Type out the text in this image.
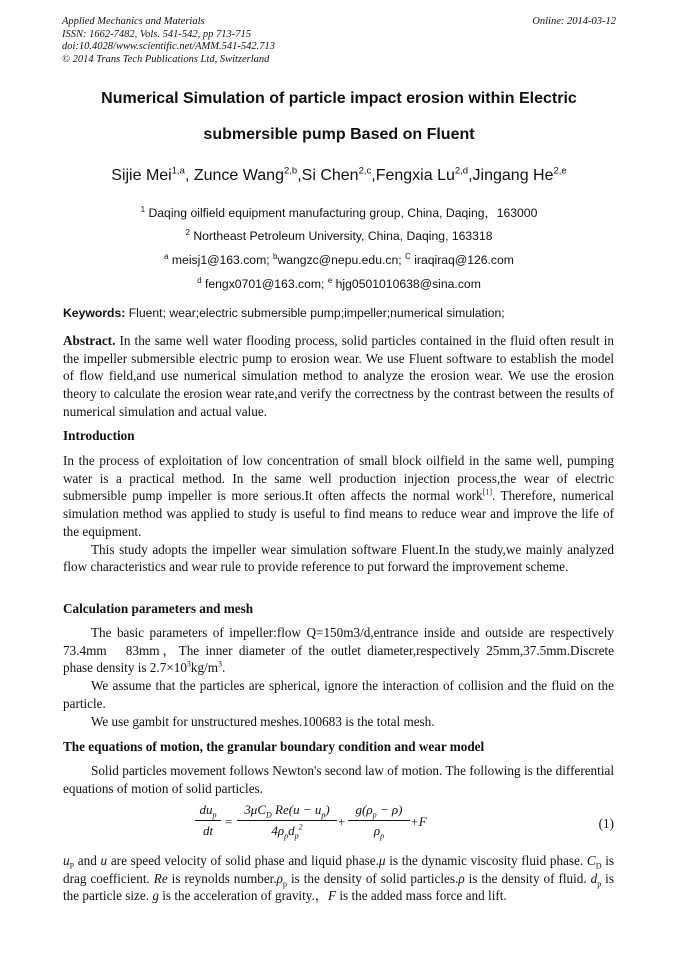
Applied Mechanics and Materials
ISSN: 1662-7482, Vols. 541-542, pp 713-715
doi:10.4028/www.scientific.net/AMM.541-542.713
© 2014 Trans Tech Publications Ltd, Switzerland
Online: 2014-03-12
Numerical Simulation of particle impact erosion within Electric
submersible pump Based on Fluent
Sijie Mei$^{1,a}$, Zunce Wang$^{2,b}$,Si Chen$^{2,c}$,Fengxia Lu$^{2,d}$,Jingang He$^{2,e}$
$^1$ Daqing oilfield equipment manufacturing group, China, Daqing，163000
$^2$ Northeast Petroleum University, China, Daqing, 163318
$^a$ meisj1@163.com; $^b$wangzc@nepu.edu.cn; $^C$ iraqiraq@126.com
$^d$ fengx0701@163.com; $^e$ hjg0501010638@sina.com
Keywords: Fluent; wear;electric submersible pump;impeller;numerical simulation;

Abstract. In the same well water flooding process, solid particles contained in the fluid often result in the impeller submersible electric pump to erosion wear. We use Fluent software to establish the model of flow field,and use numerical simulation method to analyze the erosion wear. We use the erosion theory to calculate the erosion wear rate,and verify the correctness by the contrast between the results of numerical simulation and actual value.

Introduction

In the process of exploitation of low concentration of small block oilfield in the same well, pumping water is a practical method. In the same well production injection process,the wear of electric submersible pump impeller is more serious.It often affects the normal work[1]. Therefore, numerical simulation method was applied to study is useful to find means to reduce wear and improve the life of the equipment.

This study adopts the impeller wear simulation software Fluent.In the study,we mainly analyzed flow characteristics and wear rule to provide reference to put forward the improvement scheme.

Calculation parameters and mesh

The basic parameters of impeller:flow Q=150m3/d,entrance inside and outside are respectively 73.4mm　83mm，The inner diameter of the outlet diameter,respectively 25mm,37.5mm.Discrete phase density is $2.7\times 10^3kg/m^3$.

We assume that the particles are spherical, ignore the interaction of collision and the fluid on the particle.

We use gambit for unstructured meshes.100683 is the total mesh.

The equations of motion, the granular boundary condition and wear model

Solid particles movement follows Newton's second law of motion. The following is the differential equations of motion of solid particles.

$du_p$
dt
=
$3\mu C_D$ $Re(u - u_p)$
$4\rho_pd_p^2$	+ $\frac{g(\rho_p - \rho)}{\rho_p} +F$	(1)

$u_P$ and u are speed velocity of solid phase and liquid phase.μ is the dynamic viscosity fluid phase. $C_D$ is drag coefficient. Re is reynolds $number.\rho_p$ is the density of solid particles.ρ is the density of fluid. $d_p$ is the particle size. g is the acceleration of gravity.，F is the added mass force and lift.
